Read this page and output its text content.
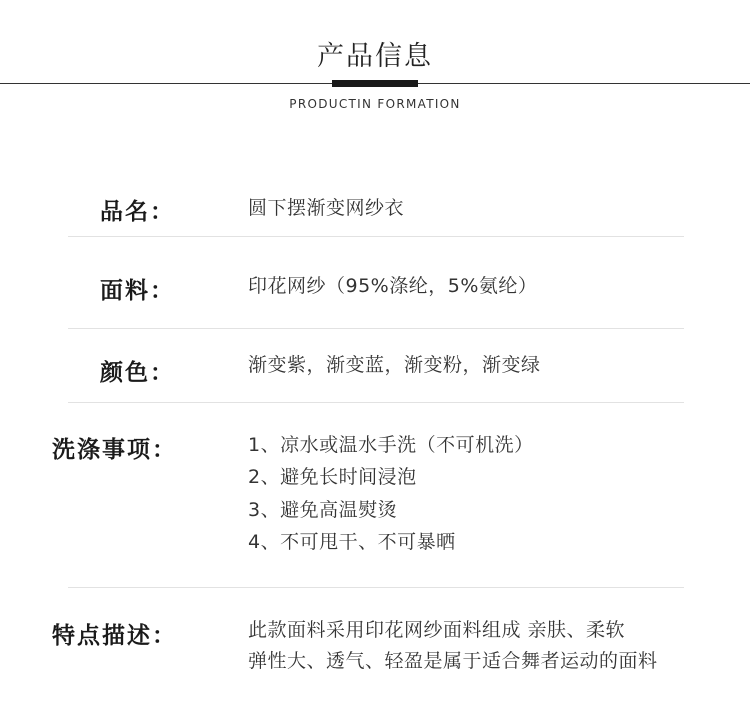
产品信息
PRODUCTIN FORMATION
品名：	圆下摆渐变网纱衣
面料：	印花网纱（95%涤纶，5%氨纶）
颜色：	渐变紫，渐变蓝，渐变粉，渐变绿
洗涤事项：	1、凉水或温水手洗（不可机洗）
2、避免长时间浸泡
3、避免高温熨烫
4、不可甩干、不可暴晒
特点描述：	此款面料采用印花网纱面料组成 亲肤、柔软
弹性大、透气、轻盈是属于适合舞者运动的面料
